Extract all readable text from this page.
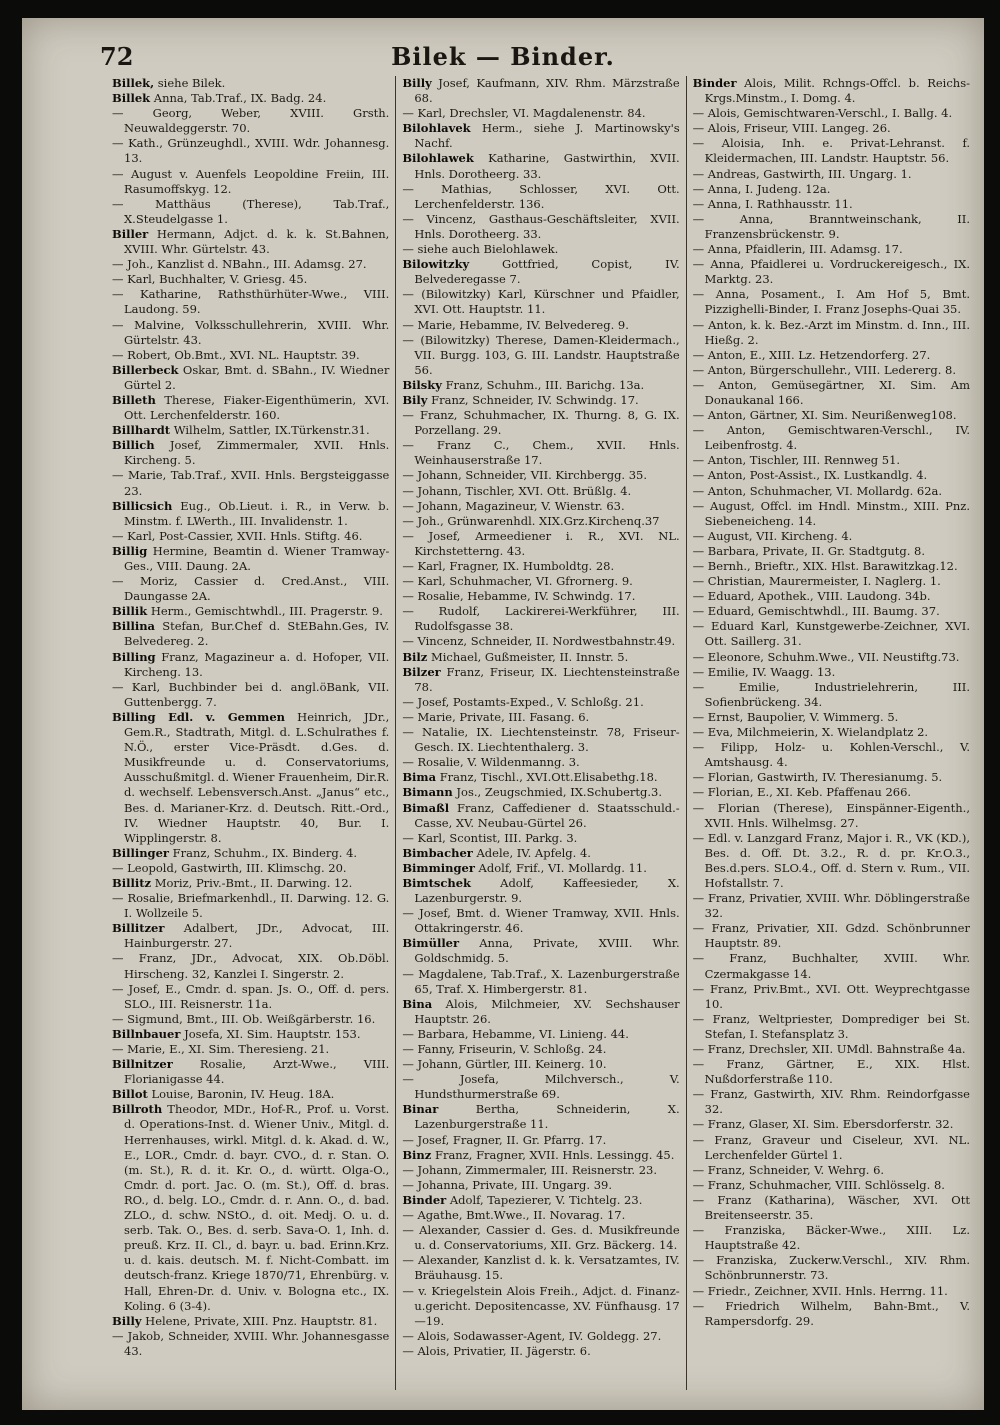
72	Bilek — Binder.
Billek, siehe Bilek.
Billek Anna, Tab.Traf., IX. Badg. 24.
— Georg, Weber, XVIII. Grsth. Neuwaldeggerstr. 70.
— Kath., Grünzeughdl., XVIII. Wdr. Johannesg. 13.
— August v. Auenfels Leopoldine Freiin, III. Rasumoffskyg. 12.
— Matthäus (Therese), Tab.Traf., X.Steudelgasse 1.
Biller Hermann, Adjct. d. k. k. St.Bahnen, XVIII. Whr. Gürtelstr. 43.
— Joh., Kanzlist d. NBahn., III. Adamsg. 27.
— Karl, Buchhalter, V. Griesg. 45.
— Katharine, Rathsthürhüter-Wwe., VIII. Laudong. 59.
— Malvine, Volksschullehrerin, XVIII. Whr. Gürtelstr. 43.
— Robert, Ob.Bmt., XVI. NL. Hauptstr. 39.
Billerbeck Oskar, Bmt. d. SBahn., IV. Wiedner Gürtel 2.
Billeth Therese, Fiaker-Eigenthümerin, XVI. Ott. Lerchenfelderstr. 160.
Billhardt Wilhelm, Sattler, IX.Türkenstr.31.
Billich Josef, Zimmermaler, XVII. Hnls. Kircheng. 5.
— Marie, Tab.Traf., XVII. Hnls. Bergsteiggasse 23.
Billicsich Eug., Ob.Lieut. i. R., in Verw. b. Minstm. f. LWerth., III. Invalidenstr. 1.
— Karl, Post-Cassier, XVII. Hnls. Stiftg. 46.
Billig Hermine, Beamtin d. Wiener Tramway-Ges., VIII. Daung. 2A.
— Moriz, Cassier d. Cred.Anst., VIII. Daungasse 2A.
Billik Herm., Gemischtwhdl., III. Pragerstr. 9.
Billina Stefan, Bur.Chef d. StEBahn.Ges, IV. Belvedereg. 2.
Billing Franz, Magazineur a. d. Hofoper, VII. Kircheng. 13.
— Karl, Buchbinder bei d. angl.öBank, VII. Guttenbergg. 7.
Billing Edl. v. Gemmen Heinrich, JDr., Gem.R., Stadtrath, Mitgl. d. L.Schulrathes f. N.Ö., erster Vice-Präsdt. d.Ges. d. Musikfreunde u. d. Conservatoriums, Ausschußmitgl. d. Wiener Frauenheim, Dir.R. d. wechself. Lebensversch.Anst. „Janus“ etc., Bes. d. Marianer-Krz. d. Deutsch. Ritt.-Ord., IV. Wiedner Hauptstr. 40, Bur. I. Wipplingerstr. 8.
Billinger Franz, Schuhm., IX. Binderg. 4.
— Leopold, Gastwirth, III. Klimschg. 20.
Billitz Moriz, Priv.-Bmt., II. Darwing. 12.
— Rosalie, Briefmarkenhdl., II. Darwing. 12. G. I. Wollzeile 5.
Billitzer Adalbert, JDr., Advocat, III. Hainburgerstr. 27.
— Franz, JDr., Advocat, XIX. Ob.Döbl. Hirscheng. 32, Kanzlei I. Singerstr. 2.
— Josef, E., Cmdr. d. span. Js. O., Off. d. pers. SLO., III. Reisnerstr. 11a.
— Sigmund, Bmt., III. Ob. Weißgärberstr. 16.
Billnbauer Josefa, XI. Sim. Hauptstr. 153.
— Marie, E., XI. Sim. Theresieng. 21.
Billnitzer Rosalie, Arzt-Wwe., VIII. Florianigasse 44.
Billot Louise, Baronin, IV. Heug. 18A.
Billroth Theodor, MDr., Hof-R., Prof. u. Vorst. d. Operations-Inst. d. Wiener Univ., Mitgl. d. Herrenhauses, wirkl. Mitgl. d. k. Akad. d. W., E., LOR., Cmdr. d. bayr. CVO., d. r. Stan. O. (m. St.), R. d. it. Kr. O., d. württ. Olga-O., Cmdr. d. port. Jac. O. (m. St.), Off. d. bras. RO., d. belg. LO., Cmdr. d. r. Ann. O., d. bad. ZLO., d. schw. NStO., d. oit. Medj. O. u. d. serb. Tak. O., Bes. d. serb. Sava-O. 1, Inh. d. preuß. Krz. II. Cl., d. bayr. u. bad. Erinn.Krz. u. d. kais. deutsch. M. f. Nicht-Combatt. im deutsch-franz. Kriege 1870/71, Ehrenbürg. v. Hall, Ehren-Dr. d. Univ. v. Bologna etc., IX. Koling. 6 (3-4).
Billy Helene, Private, XIII. Pnz. Hauptstr. 81.
— Jakob, Schneider, XVIII. Whr. Johannesgasse 43.
Billy Josef, Kaufmann, XIV. Rhm. Märzstraße 68.
— Karl, Drechsler, VI. Magdalenenstr. 84.
Bilohlavek Herm., siehe J. Martinowsky's Nachf.
Bilohlawek Katharine, Gastwirthin, XVII. Hnls. Dorotheerg. 33.
— Mathias, Schlosser, XVI. Ott. Lerchenfelderstr. 136.
— Vincenz, Gasthaus-Geschäftsleiter, XVII. Hnls. Dorotheerg. 33.
— siehe auch Bielohlawek.
Bilowitzky Gottfried, Copist, IV. Belvederegasse 7.
— (Bilowitzky) Karl, Kürschner und Pfaidler, XVI. Ott. Hauptstr. 11.
— Marie, Hebamme, IV. Belvedereg. 9.
— (Bilowitzky) Therese, Damen-Kleidermach., VII. Burgg. 103, G. III. Landstr. Hauptstraße 56.
Bilsky Franz, Schuhm., III. Barichg. 13a.
Bily Franz, Schneider, IV. Schwindg. 17.
— Franz, Schuhmacher, IX. Thurng. 8, G. IX. Porzellang. 29.
— Franz C., Chem., XVII. Hnls. Weinhauserstraße 17.
— Johann, Schneider, VII. Kirchbergg. 35.
— Johann, Tischler, XVI. Ott. Brüßlg. 4.
— Johann, Magazineur, V. Wienstr. 63.
— Joh., Grünwarenhdl. XIX.Grz.Kirchenq.37
— Josef, Armeediener i. R., XVI. NL. Kirchstetterng. 43.
— Karl, Fragner, IX. Humboldtg. 28.
— Karl, Schuhmacher, VI. Gfrornerg. 9.
— Rosalie, Hebamme, IV. Schwindg. 17.
— Rudolf, Lackirerei-Werkführer, III. Rudolfsgasse 38.
— Vincenz, Schneider, II. Nordwestbahnstr.49.
Bilz Michael, Gußmeister, II. Innstr. 5.
Bilzer Franz, Friseur, IX. Liechtensteinstraße 78.
— Josef, Postamts-Exped., V. Schloßg. 21.
— Marie, Private, III. Fasang. 6.
— Natalie, IX. Liechtensteinstr. 78, Friseur-Gesch. IX. Liechtenthalerg. 3.
— Rosalie, V. Wildenmanng. 3.
Bima Franz, Tischl., XVI.Ott.Elisabethg.18.
Bimann Jos., Zeugschmied, IX.Schubertg.3.
Bimaßl Franz, Caffediener d. Staatsschuld.-Casse, XV. Neubau-Gürtel 26.
— Karl, Scontist, III. Parkg. 3.
Bimbacher Adele, IV. Apfelg. 4.
Bimminger Adolf, Frif., VI. Mollardg. 11.
Bimtschek Adolf, Kaffeesieder, X. Lazenburgerstr. 9.
— Josef, Bmt. d. Wiener Tramway, XVII. Hnls. Ottakringerstr. 46.
Bimüller Anna, Private, XVIII. Whr. Goldschmidg. 5.
— Magdalene, Tab.Traf., X. Lazenburgerstraße 65, Traf. X. Himbergerstr. 81.
Bina Alois, Milchmeier, XV. Sechshauser Hauptstr. 26.
— Barbara, Hebamme, VI. Linieng. 44.
— Fanny, Friseurin, V. Schloßg. 24.
— Johann, Gürtler, III. Keinerg. 10.
— Josefa, Milchversch., V. Hundsthurmerstraße 69.
Binar Bertha, Schneiderin, X. Lazenburgerstraße 11.
— Josef, Fragner, II. Gr. Pfarrg. 17.
Binz Franz, Fragner, XVII. Hnls. Lessingg. 45.
— Johann, Zimmermaler, III. Reisnerstr. 23.
— Johanna, Private, III. Ungarg. 39.
Binder Adolf, Tapezierer, V. Tichtelg. 23.
— Agathe, Bmt.Wwe., II. Novarag. 17.
— Alexander, Cassier d. Ges. d. Musikfreunde u. d. Conservatoriums, XII. Grz. Bäckerg. 14.
— Alexander, Kanzlist d. k. k. Versatzamtes, IV. Bräuhausg. 15.
— v. Kriegelstein Alois Freih., Adjct. d. Finanz-u.gericht. Depositencasse, XV. Fünfhausg. 17—19.
— Alois, Sodawasser-Agent, IV. Goldegg. 27.
— Alois, Privatier, II. Jägerstr. 6.
Binder Alois, Milit. Rchngs-Offcl. b. Reichs-Krgs.Minstm., I. Domg. 4.
— Alois, Gemischtwaren-Verschl., I. Ballg. 4.
— Alois, Friseur, VIII. Langeg. 26.
— Aloisia, Inh. e. Privat-Lehranst. f. Kleidermachen, III. Landstr. Hauptstr. 56.
— Andreas, Gastwirth, III. Ungarg. 1.
— Anna, I. Judeng. 12a.
— Anna, I. Rathhausstr. 11.
— Anna, Branntweinschank, II. Franzensbrückenstr. 9.
— Anna, Pfaidlerin, III. Adamsg. 17.
— Anna, Pfaidlerei u. Vordruckereigesch., IX. Marktg. 23.
— Anna, Posament., I. Am Hof 5, Bmt. Pizzighelli-Binder, I. Franz Josephs-Quai 35.
— Anton, k. k. Bez.-Arzt im Minstm. d. Inn., III. Hießg. 2.
— Anton, E., XIII. Lz. Hetzendorferg. 27.
— Anton, Bürgerschullehr., VIII. Ledererg. 8.
— Anton, Gemüsegärtner, XI. Sim. Am Donaukanal 166.
— Anton, Gärtner, XI. Sim. Neurißenweg108.
— Anton, Gemischtwaren-Verschl., IV. Leibenfrostg. 4.
— Anton, Tischler, III. Rennweg 51.
— Anton, Post-Assist., IX. Lustkandlg. 4.
— Anton, Schuhmacher, VI. Mollardg. 62a.
— August, Offcl. im Hndl. Minstm., XIII. Pnz. Siebeneicheng. 14.
— August, VII. Kircheng. 4.
— Barbara, Private, II. Gr. Stadtgutg. 8.
— Bernh., Brieftr., XIX. Hlst. Barawitzkag.12.
— Christian, Maurermeister, I. Naglerg. 1.
— Eduard, Apothek., VIII. Laudong. 34b.
— Eduard, Gemischtwhdl., III. Baumg. 37.
— Eduard Karl, Kunstgewerbe-Zeichner, XVI. Ott. Saillerg. 31.
— Eleonore, Schuhm.Wwe., VII. Neustiftg.73.
— Emilie, IV. Waagg. 13.
— Emilie, Industrielehrerin, III. Sofienbrückeng. 34.
— Ernst, Baupolier, V. Wimmerg. 5.
— Eva, Milchmeierin, X. Wielandplatz 2.
— Filipp, Holz- u. Kohlen-Verschl., V. Amtshausg. 4.
— Florian, Gastwirth, IV. Theresianumg. 5.
— Florian, E., XI. Keb. Pfaffenau 266.
— Florian (Therese), Einspänner-Eigenth., XVII. Hnls. Wilhelmsg. 27.
— Edl. v. Lanzgard Franz, Major i. R., VK (KD.), Bes. d. Off. Dt. 3.2., R. d. pr. Kr.O.3., Bes.d.pers. SLO.4., Off. d. Stern v. Rum., VII. Hofstallstr. 7.
— Franz, Privatier, XVIII. Whr. Döblingerstraße 32.
— Franz, Privatier, XII. Gdzd. Schönbrunner Hauptstr. 89.
— Franz, Buchhalter, XVIII. Whr. Czermakgasse 14.
— Franz, Priv.Bmt., XVI. Ott. Weyprechtgasse 10.
— Franz, Weltpriester, Domprediger bei St. Stefan, I. Stefansplatz 3.
— Franz, Drechsler, XII. UMdl. Bahnstraße 4a.
— Franz, Gärtner, E., XIX. Hlst. Nußdorferstraße 110.
— Franz, Gastwirth, XIV. Rhm. Reindorfgasse 32.
— Franz, Glaser, XI. Sim. Ebersdorferstr. 32.
— Franz, Graveur und Ciseleur, XVI. NL. Lerchenfelder Gürtel 1.
— Franz, Schneider, V. Wehrg. 6.
— Franz, Schuhmacher, VIII. Schlösselg. 8.
— Franz (Katharina), Wäscher, XVI. Ott Breitenseerstr. 35.
— Franziska, Bäcker-Wwe., XIII. Lz. Hauptstraße 42.
— Franziska, Zuckerw.Verschl., XIV. Rhm. Schönbrunnerstr. 73.
— Friedr., Zeichner, XVII. Hnls. Herrng. 11.
— Friedrich Wilhelm, Bahn-Bmt., V. Rampersdorfg. 29.
